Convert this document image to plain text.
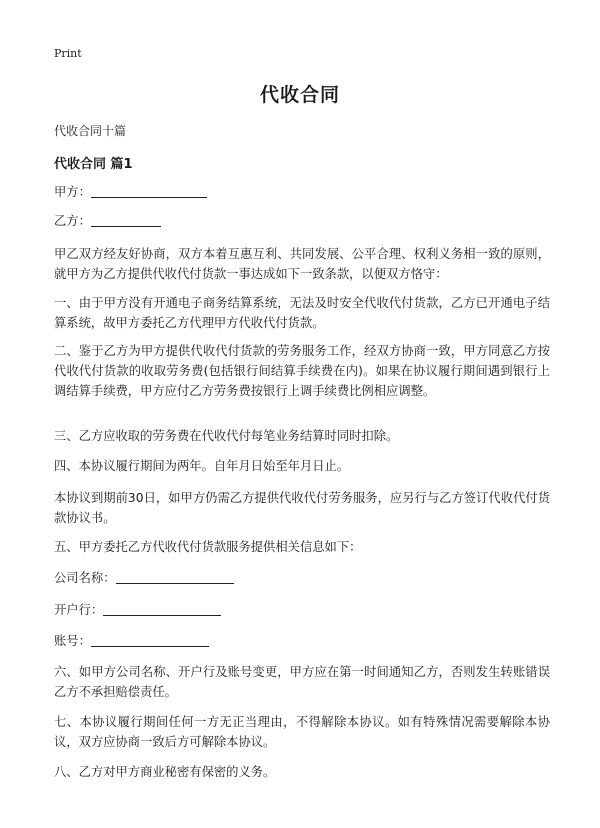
Print
代收合同
代收合同十篇
代收合同 篇1
甲方：
乙方：
甲乙双方经友好协商，双方本着互惠互利、共同发展、公平合理、权利义务相一致的原则，就甲方为乙方提供代收代付货款一事达成如下一致条款，以便双方恪守：
一、由于甲方没有开通电子商务结算系统，无法及时安全代收代付货款，乙方已开通电子结算系统，故甲方委托乙方代理甲方代收代付货款。
二、鉴于乙方为甲方提供代收代付货款的劳务服务工作，经双方协商一致，甲方同意乙方按代收代付货款的收取劳务费(包括银行间结算手续费在内)。如果在协议履行期间遇到银行上调结算手续费，甲方应付乙方劳务费按银行上调手续费比例相应调整。
三、乙方应收取的劳务费在代收代付每笔业务结算时同时扣除。
四、本协议履行期间为两年。自年月日始至年月日止。
本协议到期前30日，如甲方仍需乙方提供代收代付劳务服务，应另行与乙方签订代收代付货款协议书。
五、甲方委托乙方代收代付货款服务提供相关信息如下：
公司名称：
开户行：
账号：
六、如甲方公司名称、开户行及账号变更，甲方应在第一时间通知乙方，否则发生转账错误乙方不承担赔偿责任。
七、本协议履行期间任何一方无正当理由，不得解除本协议。如有特殊情况需要解除本协议，双方应协商一致后方可解除本协议。
八、乙方对甲方商业秘密有保密的义务。
